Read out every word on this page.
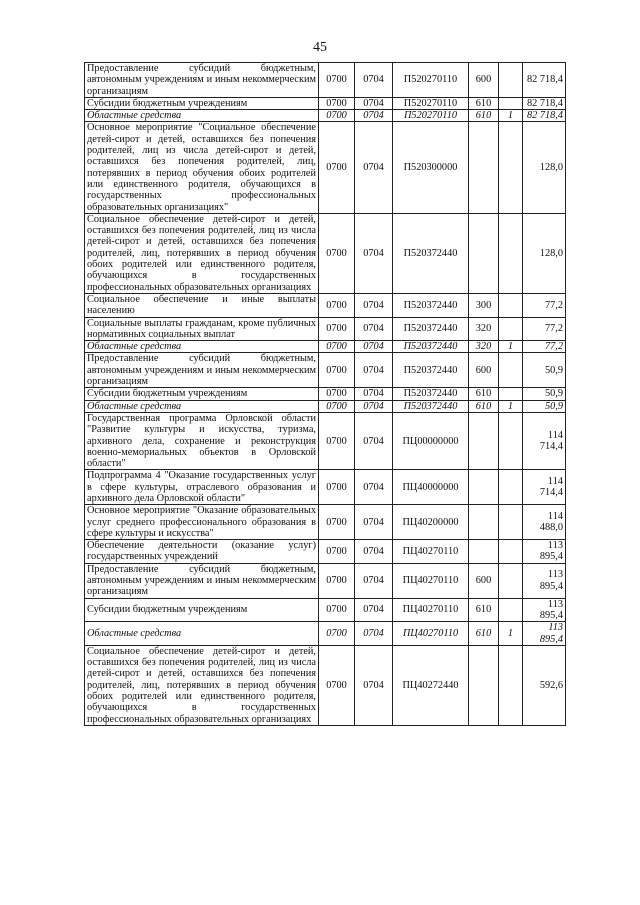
45
Предоставление субсидий бюджетным, автономным учреждениям и иным некоммерческим организациям	0700	0704	П520270110	600		82 718,4
Субсидии бюджетным учреждениям	0700	0704	П520270110	610		82 718,4
Областные средства	0700	0704	П520270110	610	1	82 718,4
Основное мероприятие "Социальное обеспечение детей-сирот и детей, оставшихся без попечения родителей, лиц из числа детей-сирот и детей, оставшихся без попечения родителей, лиц, потерявших в период обучения обоих родителей или единственного родителя, обучающихся в государственных профессиональных образовательных организациях"	0700	0704	П520300000			128,0
Социальное обеспечение детей-сирот и детей, оставшихся без попечения родителей, лиц из числа детей-сирот и детей, оставшихся без попечения родителей, лиц, потерявших в период обучения обоих родителей или единственного родителя, обучающихся в государственных профессиональных образовательных организациях	0700	0704	П520372440			128,0
Социальное обеспечение и иные выплаты населению	0700	0704	П520372440	300		77,2
Социальные выплаты гражданам, кроме публичных нормативных социальных выплат	0700	0704	П520372440	320		77,2
Областные средства	0700	0704	П520372440	320	1	77,2
Предоставление субсидий бюджетным, автономным учреждениям и иным некоммерческим организациям	0700	0704	П520372440	600		50,9
Субсидии бюджетным учреждениям	0700	0704	П520372440	610		50,9
Областные средства	0700	0704	П520372440	610	1	50,9
Государственная программа Орловской области "Развитие культуры и искусства, туризма, архивного дела, сохранение и реконструкция военно-мемориальных объектов в Орловской области"	0700	0704	ПЦ00000000			114 714,4
Подпрограмма 4 "Оказание государственных услуг в сфере культуры, отраслевого образования и архивного дела Орловской области"	0700	0704	ПЦ40000000			114 714,4
Основное мероприятие "Оказание образовательных услуг среднего профессионального образования в сфере культуры и искусства"	0700	0704	ПЦ40200000			114 488,0
Обеспечение деятельности (оказание услуг) государственных учреждений	0700	0704	ПЦ40270110			113 895,4
Предоставление субсидий бюджетным, автономным учреждениям и иным некоммерческим организациям	0700	0704	ПЦ40270110	600		113 895,4
Субсидии бюджетным учреждениям	0700	0704	ПЦ40270110	610		113 895,4
Областные средства	0700	0704	ПЦ40270110	610	1	113 895,4
Социальное обеспечение детей-сирот и детей, оставшихся без попечения родителей, лиц из числа детей-сирот и детей, оставшихся без попечения родителей, лиц, потерявших в период обучения обоих родителей или единственного родителя, обучающихся в государственных профессиональных образовательных организациях	0700	0704	ПЦ40272440			592,6
